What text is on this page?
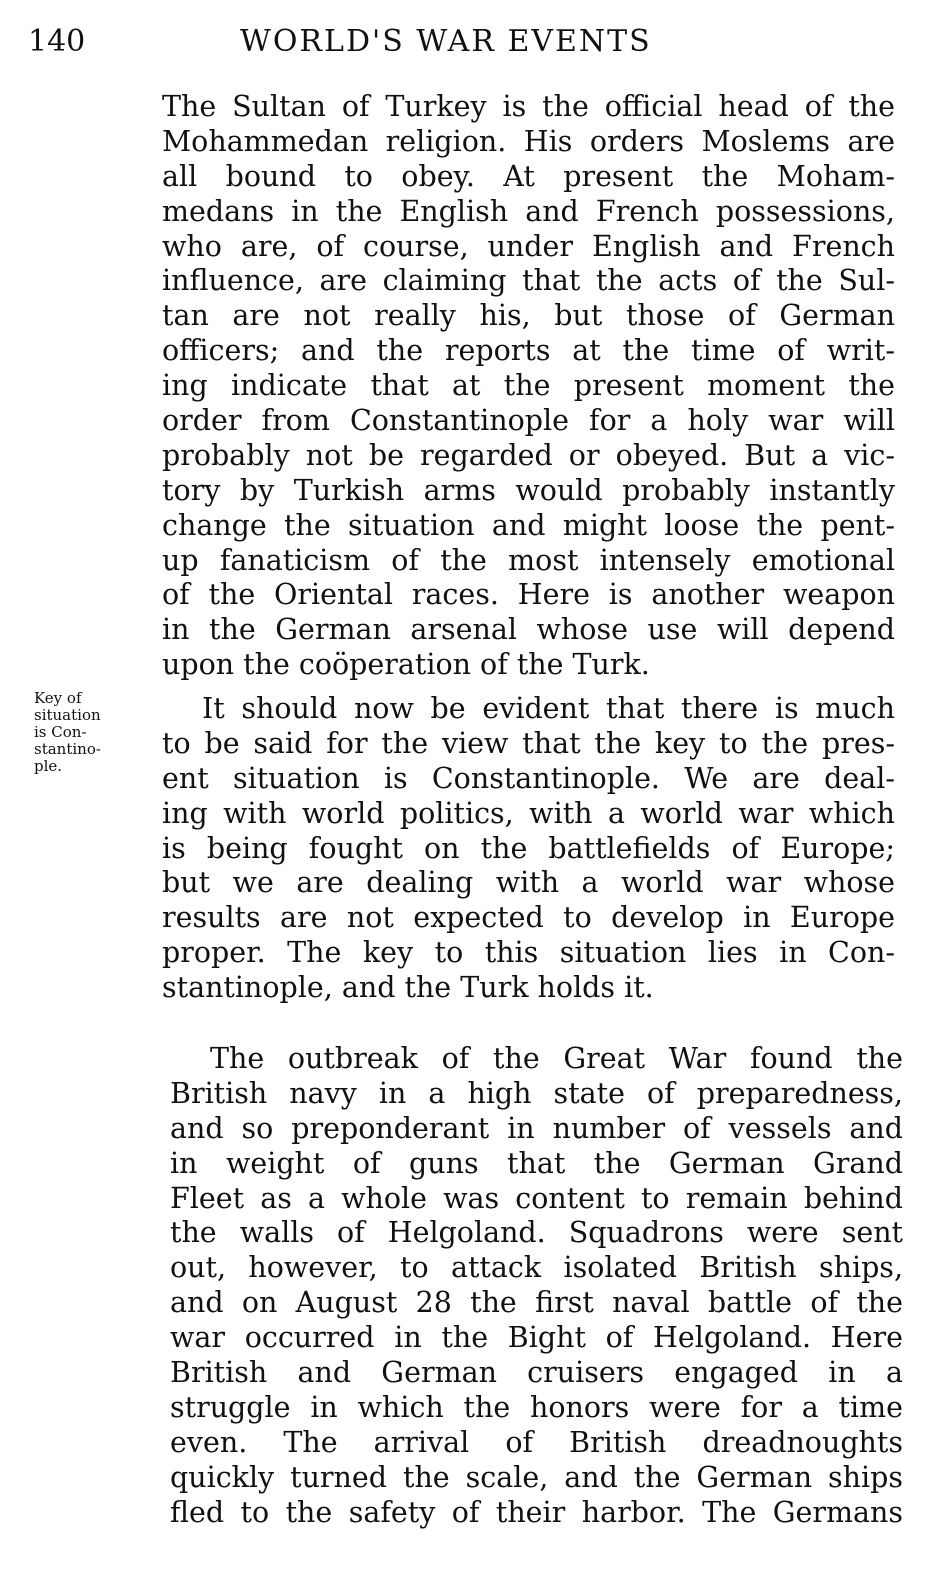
140	WORLD'S WAR EVENTS
Key of
situation
is Con-
stantino-
ple.
The Sultan of Turkey is the official head of the
Mohammedan religion. His orders Moslems are
all bound to obey. At present the Moham-
medans in the English and French possessions,
who are, of course, under English and French
influence, are claiming that the acts of the Sul-
tan are not really his, but those of German
officers; and the reports at the time of writ-
ing indicate that at the present moment the
order from Constantinople for a holy war will
probably not be regarded or obeyed. But a vic-
tory by Turkish arms would probably instantly
change the situation and might loose the pent-
up fanaticism of the most intensely emotional
of the Oriental races. Here is another weapon
in the German arsenal whose use will depend
upon the coöperation of the Turk.
It should now be evident that there is much
to be said for the view that the key to the pres-
ent situation is Constantinople. We are deal-
ing with world politics, with a world war which
is being fought on the battlefields of Europe;
but we are dealing with a world war whose
results are not expected to develop in Europe
proper. The key to this situation lies in Con-
stantinople, and the Turk holds it.
The outbreak of the Great War found the
British navy in a high state of preparedness,
and so preponderant in number of vessels and
in weight of guns that the German Grand
Fleet as a whole was content to remain behind
the walls of Helgoland. Squadrons were sent
out, however, to attack isolated British ships,
and on August 28 the first naval battle of the
war occurred in the Bight of Helgoland. Here
British and German cruisers engaged in a
struggle in which the honors were for a time
even. The arrival of British dreadnoughts
quickly turned the scale, and the German ships
fled to the safety of their harbor. The Germans
